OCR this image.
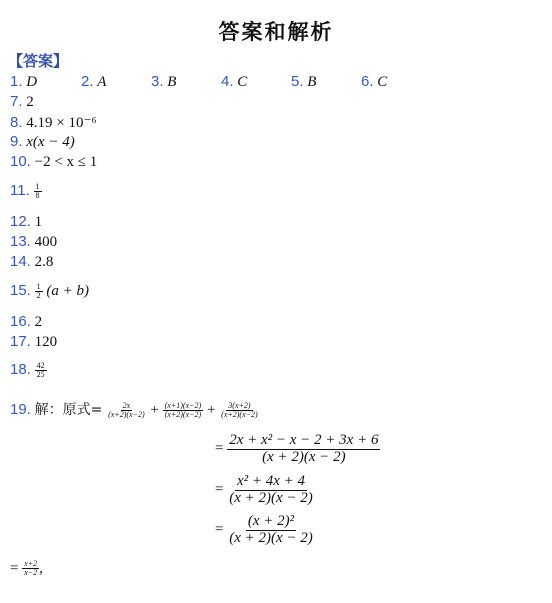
答案和解析
【答案】
1. D	2. A	3. B	4. C	5. B	6. C
7. 2
8. 4.19 × 10⁻⁶
9. x(x − 4)
10. −2 < x ≤ 1
11. $\frac{1}{8}$
12. 1
13. 400
14. 2.8
15. $\frac{1}{2} (a + b)$
16. 2
17. 120
18. $\frac{42}{25}$
19. 解：原式= $\frac{2x}{(x+2)(x-2)} + \frac{(x+1)(x-2)}{(x+2)(x-2)} + \frac{3(x+2)}{(x+2)(x-2)}$
= $\frac{\text{2x + x² − x − 2 + 3x + 6}}{(x + 2)(x - 2)}$
= $\frac{\text{x² + 4x + 4}}{(x + 2)(x - 2)}$
= $\frac{\text{(x + 2)²}}{(x + 2)(x - 2)}$
= $\frac{x+2}{x-2}$ ,
